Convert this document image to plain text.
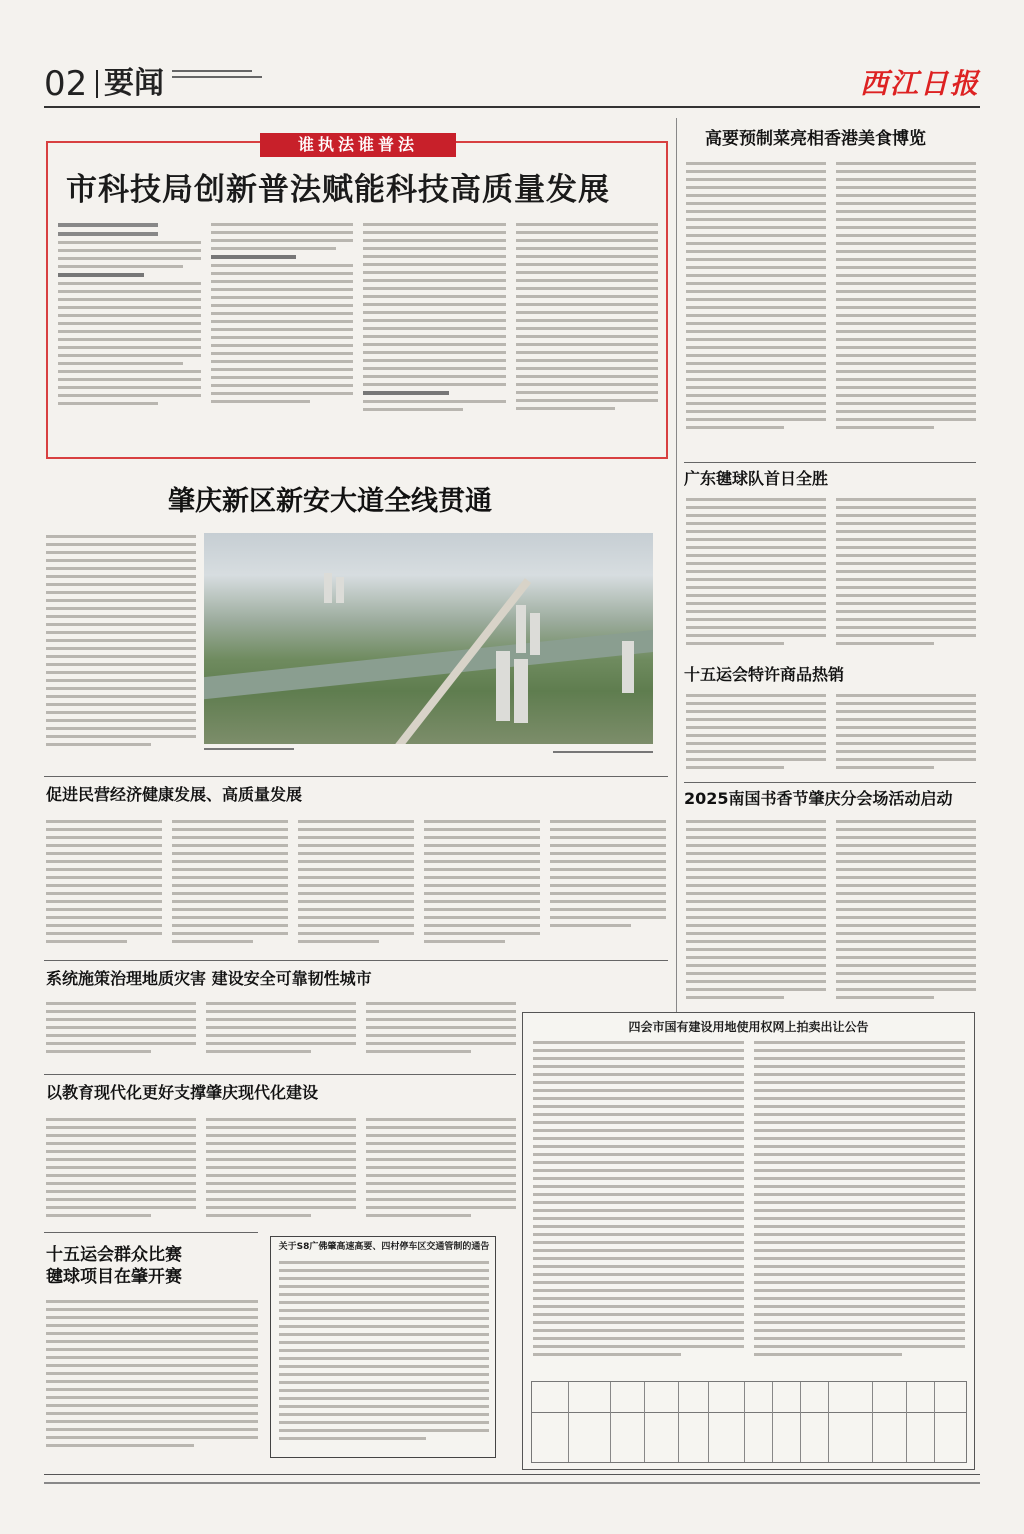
02 要闻	西江日报
谁执法谁普法
市科技局创新普法赋能科技高质量发展
高要预制菜亮相香港美食博览
广东毽球队首日全胜
十五运会特许商品热销
2025南国书香节肇庆分会场活动启动
肇庆新区新安大道全线贯通
促进民营经济健康发展、高质量发展
系统施策治理地质灾害 建设安全可靠韧性城市
以教育现代化更好支撑肇庆现代化建设
十五运会群众比赛
毽球项目在肇开赛
关于S8广佛肇高速高要、四村停车区交通管制的通告
四会市国有建设用地使用权网上拍卖出让公告
